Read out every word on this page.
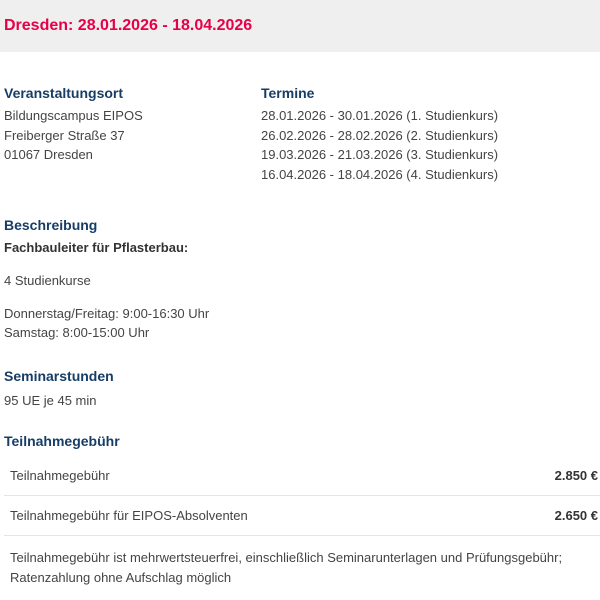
Dresden: 28.01.2026 - 18.04.2026
Veranstaltungsort
Bildungscampus EIPOS
Freiberger Straße 37
01067 Dresden
Termine
28.01.2026 - 30.01.2026 (1. Studienkurs)
26.02.2026 - 28.02.2026 (2. Studienkurs)
19.03.2026 - 21.03.2026 (3. Studienkurs)
16.04.2026 - 18.04.2026 (4. Studienkurs)
Beschreibung
Fachbauleiter für Pflasterbau:
4 Studienkurse
Donnerstag/Freitag: 9:00-16:30 Uhr
Samstag: 8:00-15:00 Uhr
Seminarstunden
95 UE je 45 min
Teilnahmegebühr
Teilnahmegebühr	2.850 €
Teilnahmegebühr für EIPOS-Absolventen	2.650 €
Teilnahmegebühr ist mehrwertsteuerfrei, einschließlich Seminarunterlagen und Prüfungsgebühr;
Ratenzahlung ohne Aufschlag möglich
